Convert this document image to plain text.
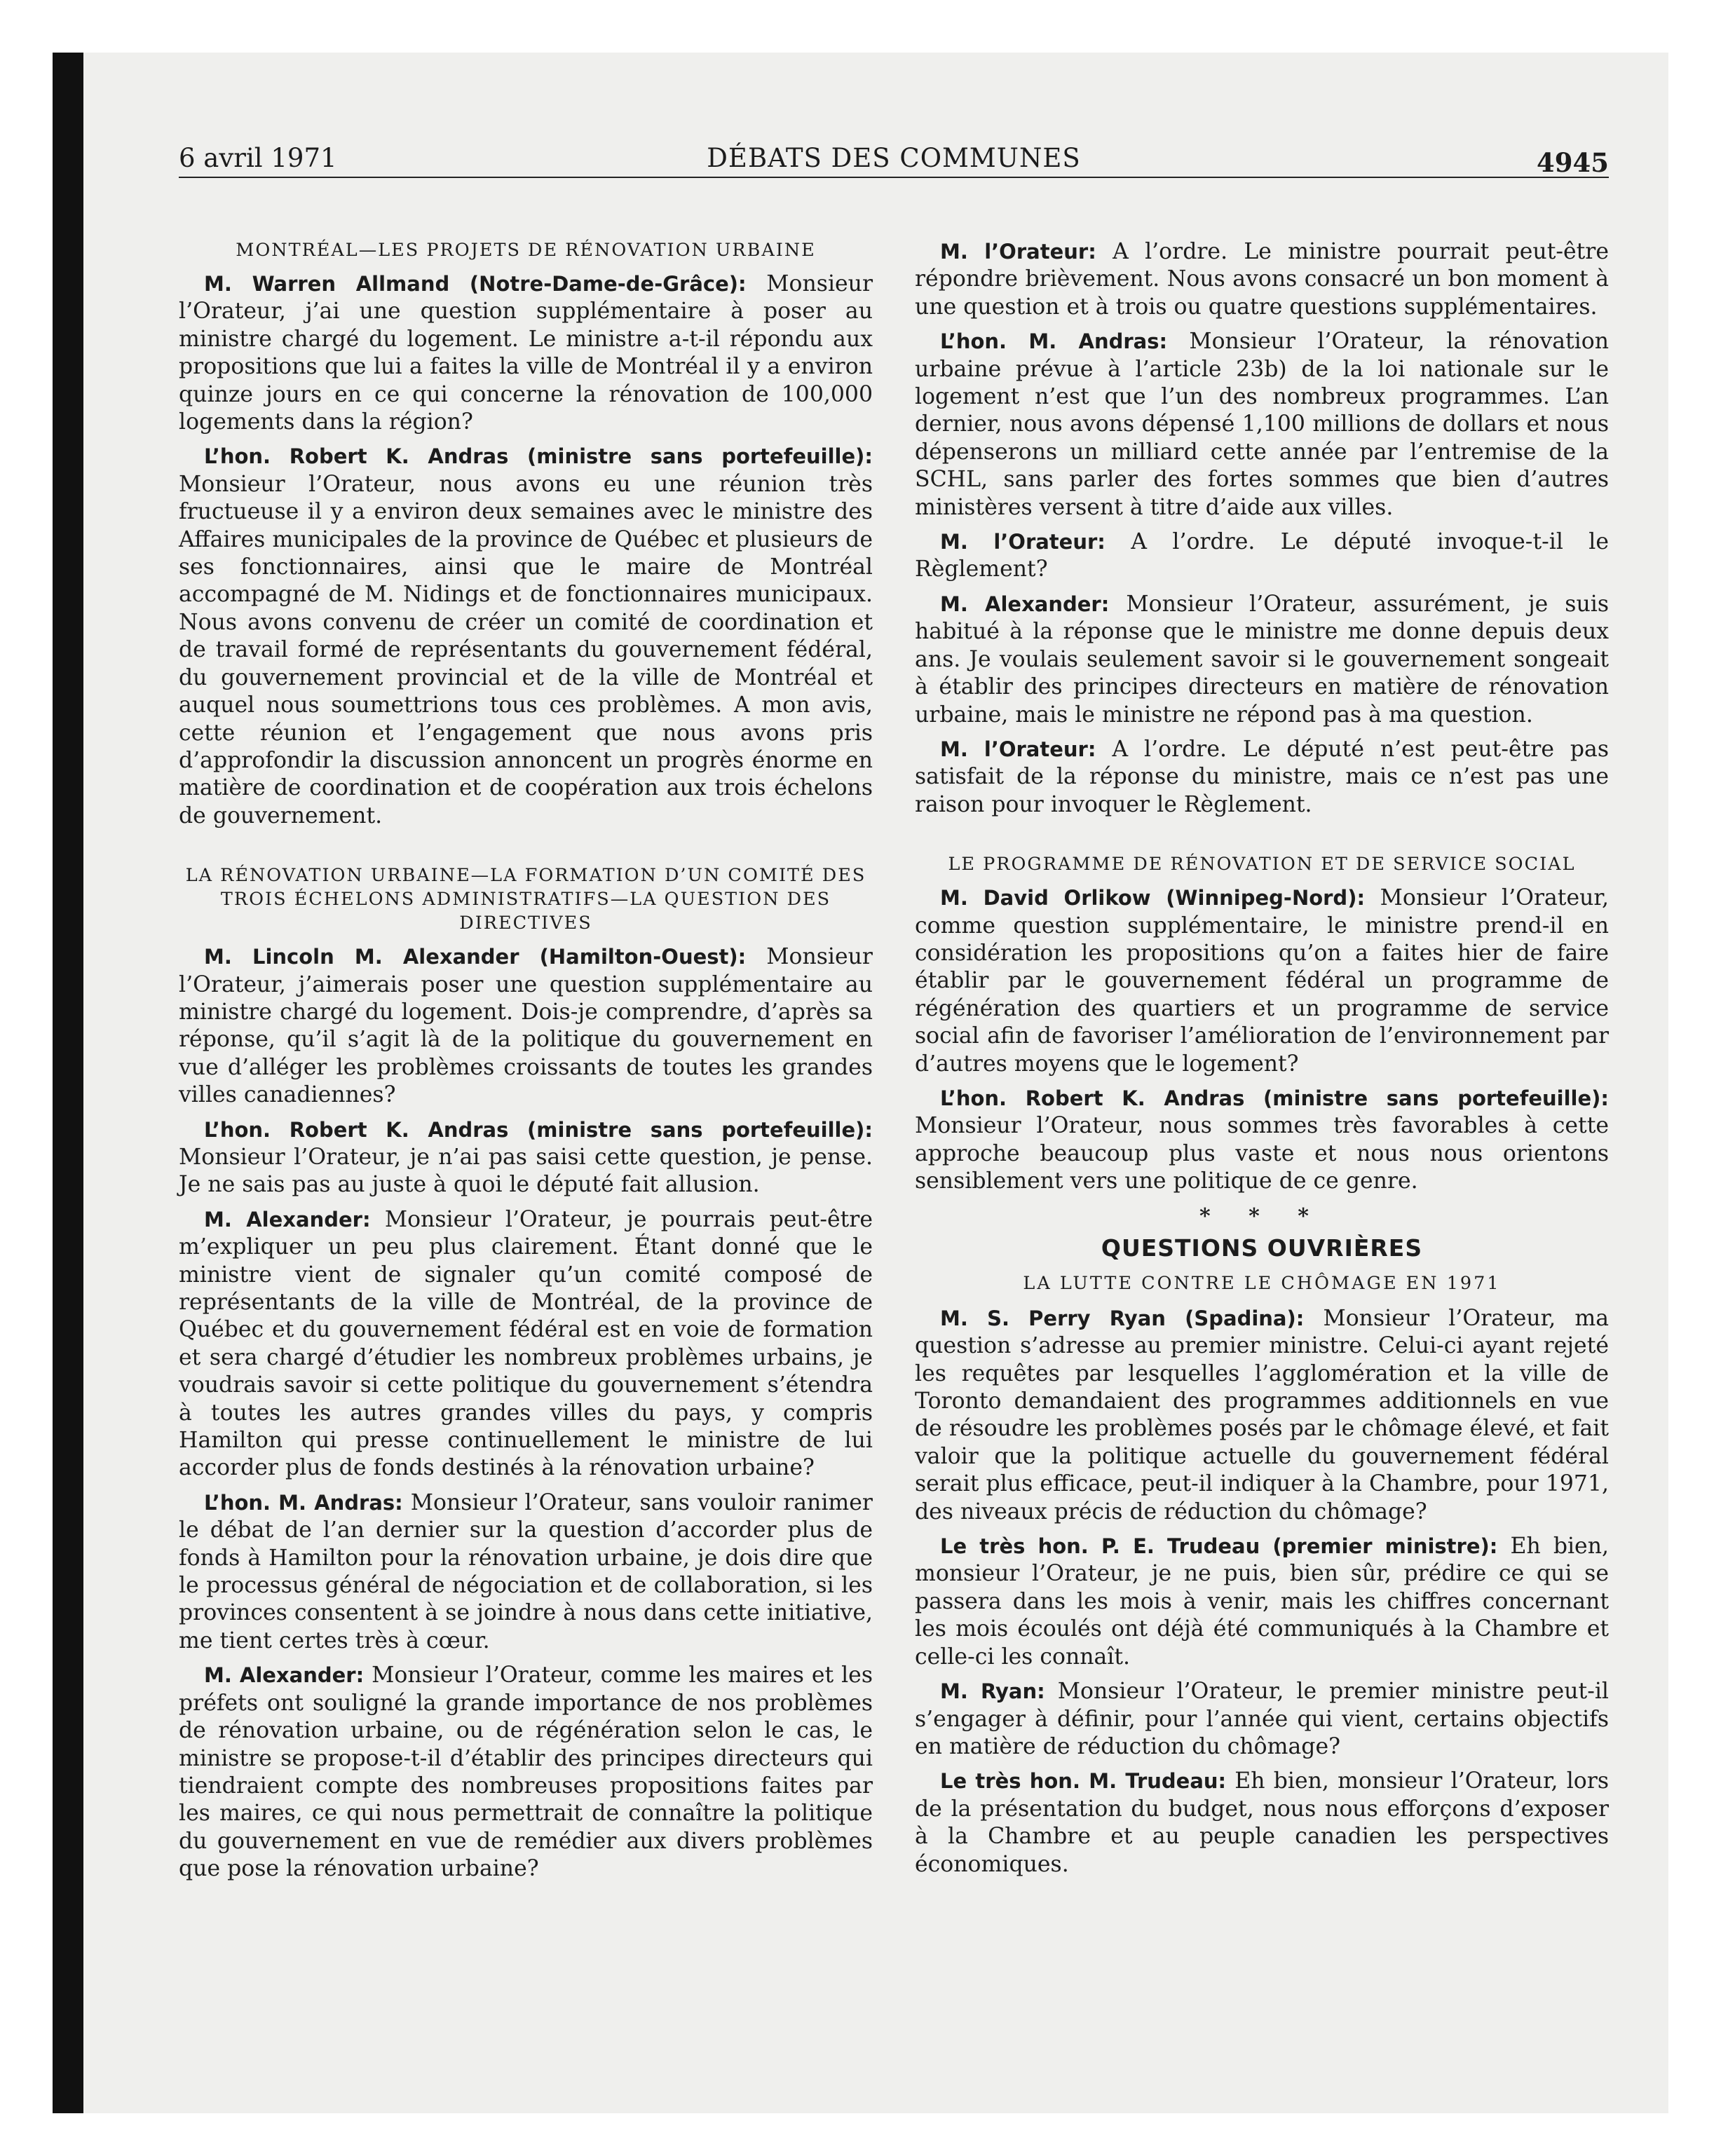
6 avril 1971	DÉBATS DES COMMUNES	4945

MONTRÉAL—LES PROJETS DE RÉNOVATION URBAINE

M. Warren Allmand (Notre-Dame-de-Grâce): Monsieur l’Orateur, j’ai une question supplémentaire à poser au ministre chargé du logement. Le ministre a-t-il répondu aux propositions que lui a faites la ville de Montréal il y a environ quinze jours en ce qui concerne la rénovation de 100,000 logements dans la région?

L’hon. Robert K. Andras (ministre sans portefeuille): Monsieur l’Orateur, nous avons eu une réunion très fructueuse il y a environ deux semaines avec le ministre des Affaires municipales de la province de Québec et plusieurs de ses fonctionnaires, ainsi que le maire de Montréal accompagné de M. Nidings et de fonctionnaires municipaux. Nous avons convenu de créer un comité de coordination et de travail formé de représentants du gouvernement fédéral, du gouvernement provincial et de la ville de Montréal et auquel nous soumettrions tous ces problèmes. A mon avis, cette réunion et l’engagement que nous avons pris d’approfondir la discussion annoncent un progrès énorme en matière de coordination et de coopération aux trois échelons de gouvernement.

LA RÉNOVATION URBAINE—LA FORMATION D’UN COMITÉ DES TROIS ÉCHELONS ADMINISTRATIFS—LA QUESTION DES DIRECTIVES

M. Lincoln M. Alexander (Hamilton-Ouest): Monsieur l’Orateur, j’aimerais poser une question supplémentaire au ministre chargé du logement. Dois-je comprendre, d’après sa réponse, qu’il s’agit là de la politique du gouvernement en vue d’alléger les problèmes croissants de toutes les grandes villes canadiennes?

L’hon. Robert K. Andras (ministre sans portefeuille): Monsieur l’Orateur, je n’ai pas saisi cette question, je pense. Je ne sais pas au juste à quoi le député fait allusion.

M. Alexander: Monsieur l’Orateur, je pourrais peut-être m’expliquer un peu plus clairement. Étant donné que le ministre vient de signaler qu’un comité composé de représentants de la ville de Montréal, de la province de Québec et du gouvernement fédéral est en voie de formation et sera chargé d’étudier les nombreux problèmes urbains, je voudrais savoir si cette politique du gouvernement s’étendra à toutes les autres grandes villes du pays, y compris Hamilton qui presse continuellement le ministre de lui accorder plus de fonds destinés à la rénovation urbaine?

L’hon. M. Andras: Monsieur l’Orateur, sans vouloir ranimer le débat de l’an dernier sur la question d’accorder plus de fonds à Hamilton pour la rénovation urbaine, je dois dire que le processus général de négociation et de collaboration, si les provinces consentent à se joindre à nous dans cette initiative, me tient certes très à cœur.

M. Alexander: Monsieur l’Orateur, comme les maires et les préfets ont souligné la grande importance de nos problèmes de rénovation urbaine, ou de régénération selon le cas, le ministre se propose-t-il d’établir des principes directeurs qui tiendraient compte des nombreuses propositions faites par les maires, ce qui nous permettrait de connaître la politique du gouvernement en vue de remédier aux divers problèmes que pose la rénovation urbaine?

M. l’Orateur: A l’ordre. Le ministre pourrait peut-être répondre brièvement. Nous avons consacré un bon moment à une question et à trois ou quatre questions supplémentaires.

L’hon. M. Andras: Monsieur l’Orateur, la rénovation urbaine prévue à l’article 23b) de la loi nationale sur le logement n’est que l’un des nombreux programmes. L’an dernier, nous avons dépensé 1,100 millions de dollars et nous dépenserons un milliard cette année par l’entremise de la SCHL, sans parler des fortes sommes que bien d’autres ministères versent à titre d’aide aux villes.

M. l’Orateur: A l’ordre. Le député invoque-t-il le Règlement?

M. Alexander: Monsieur l’Orateur, assurément, je suis habitué à la réponse que le ministre me donne depuis deux ans. Je voulais seulement savoir si le gouvernement songeait à établir des principes directeurs en matière de rénovation urbaine, mais le ministre ne répond pas à ma question.

M. l’Orateur: A l’ordre. Le député n’est peut-être pas satisfait de la réponse du ministre, mais ce n’est pas une raison pour invoquer le Règlement.

LE PROGRAMME DE RÉNOVATION ET DE SERVICE SOCIAL

M. David Orlikow (Winnipeg-Nord): Monsieur l’Orateur, comme question supplémentaire, le ministre prend-il en considération les propositions qu’on a faites hier de faire établir par le gouvernement fédéral un programme de régénération des quartiers et un programme de service social afin de favoriser l’amélioration de l’environnement par d’autres moyens que le logement?

L’hon. Robert K. Andras (ministre sans portefeuille): Monsieur l’Orateur, nous sommes très favorables à cette approche beaucoup plus vaste et nous nous orientons sensiblement vers une politique de ce genre.

* * *
QUESTIONS OUVRIÈRES
LA LUTTE CONTRE LE CHÔMAGE EN 1971

M. S. Perry Ryan (Spadina): Monsieur l’Orateur, ma question s’adresse au premier ministre. Celui-ci ayant rejeté les requêtes par lesquelles l’agglomération et la ville de Toronto demandaient des programmes additionnels en vue de résoudre les problèmes posés par le chômage élevé, et fait valoir que la politique actuelle du gouvernement fédéral serait plus efficace, peut-il indiquer à la Chambre, pour 1971, des niveaux précis de réduction du chômage?

Le très hon. P. E. Trudeau (premier ministre): Eh bien, monsieur l’Orateur, je ne puis, bien sûr, prédire ce qui se passera dans les mois à venir, mais les chiffres concernant les mois écoulés ont déjà été communiqués à la Chambre et celle-ci les connaît.

M. Ryan: Monsieur l’Orateur, le premier ministre peut-il s’engager à définir, pour l’année qui vient, certains objectifs en matière de réduction du chômage?

Le très hon. M. Trudeau: Eh bien, monsieur l’Orateur, lors de la présentation du budget, nous nous efforçons d’exposer à la Chambre et au peuple canadien les perspectives économiques.
